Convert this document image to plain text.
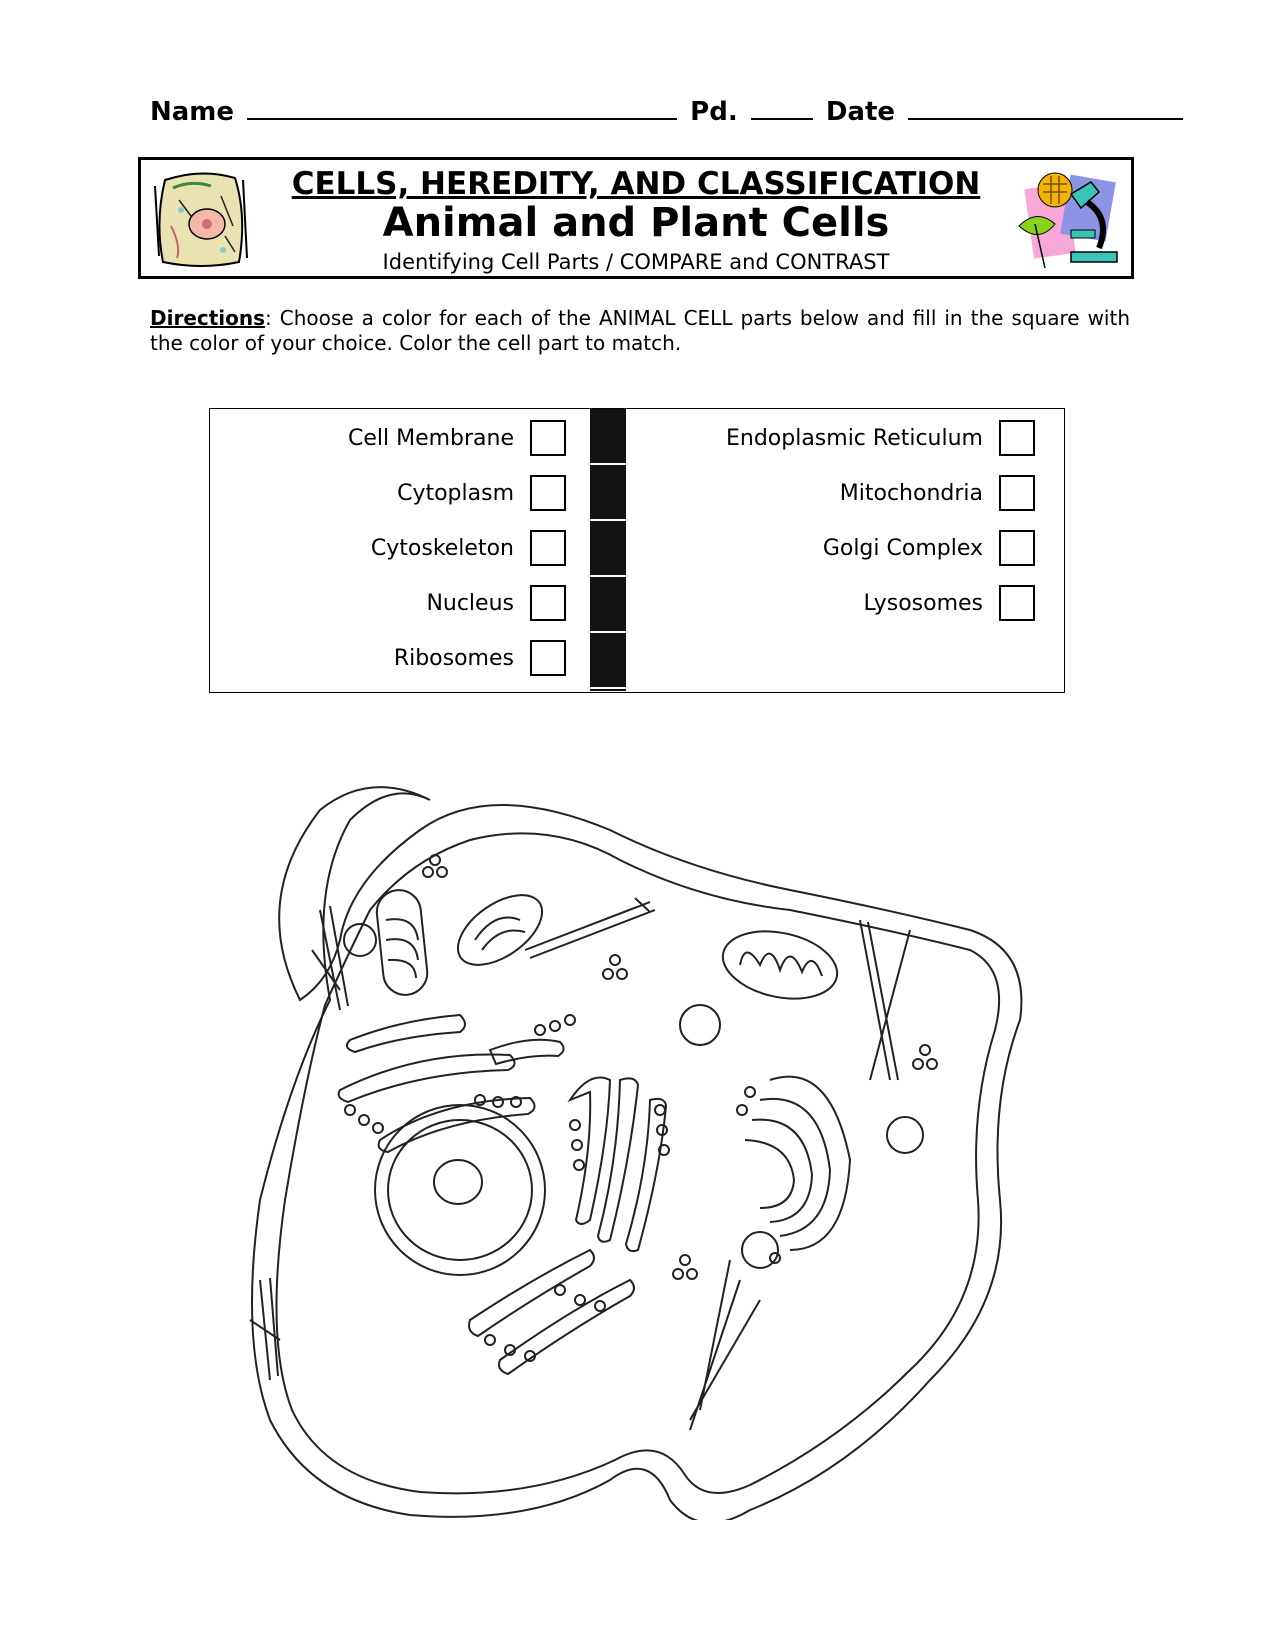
Name	Pd.	Date
CELLS, HEREDITY, AND CLASSIFICATION
Animal and Plant Cells
Identifying Cell Parts / COMPARE and CONTRAST
Directions: Choose a color for each of the ANIMAL CELL parts below and fill in the square with the color of your choice. Color the cell part to match.
Cell Membrane
Cytoplasm
Cytoskeleton
Nucleus
Ribosomes
Endoplasmic Reticulum
Mitochondria
Golgi Complex
Lysosomes
